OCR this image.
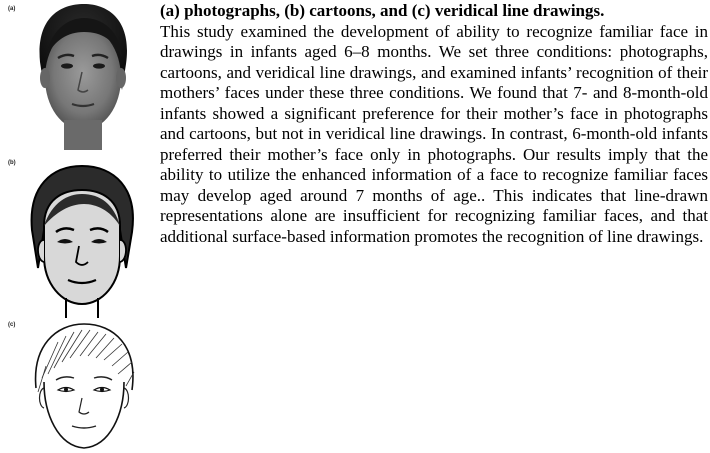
(a)
(b)
(c)
(a) photographs, (b) cartoons, and (c) veridical line drawings.
This study examined the development of ability to recognize familiar face in drawings in infants aged 6–8 months. We set three conditions: photographs, cartoons, and veridical line drawings, and examined infants’ recognition of their mothers’ faces under these three conditions. We found that 7- and 8-month-old infants showed a significant preference for their mother’s face in photographs and cartoons, but not in veridical line drawings. In contrast, 6-month-old infants preferred their mother’s face only in photographs. Our results imply that the ability to utilize the enhanced information of a face to recognize familiar faces may develop aged around 7 months of age.. This indicates that line-drawn representations alone are insufficient for recognizing familiar faces, and that additional surface-based information promotes the recognition of line drawings.
